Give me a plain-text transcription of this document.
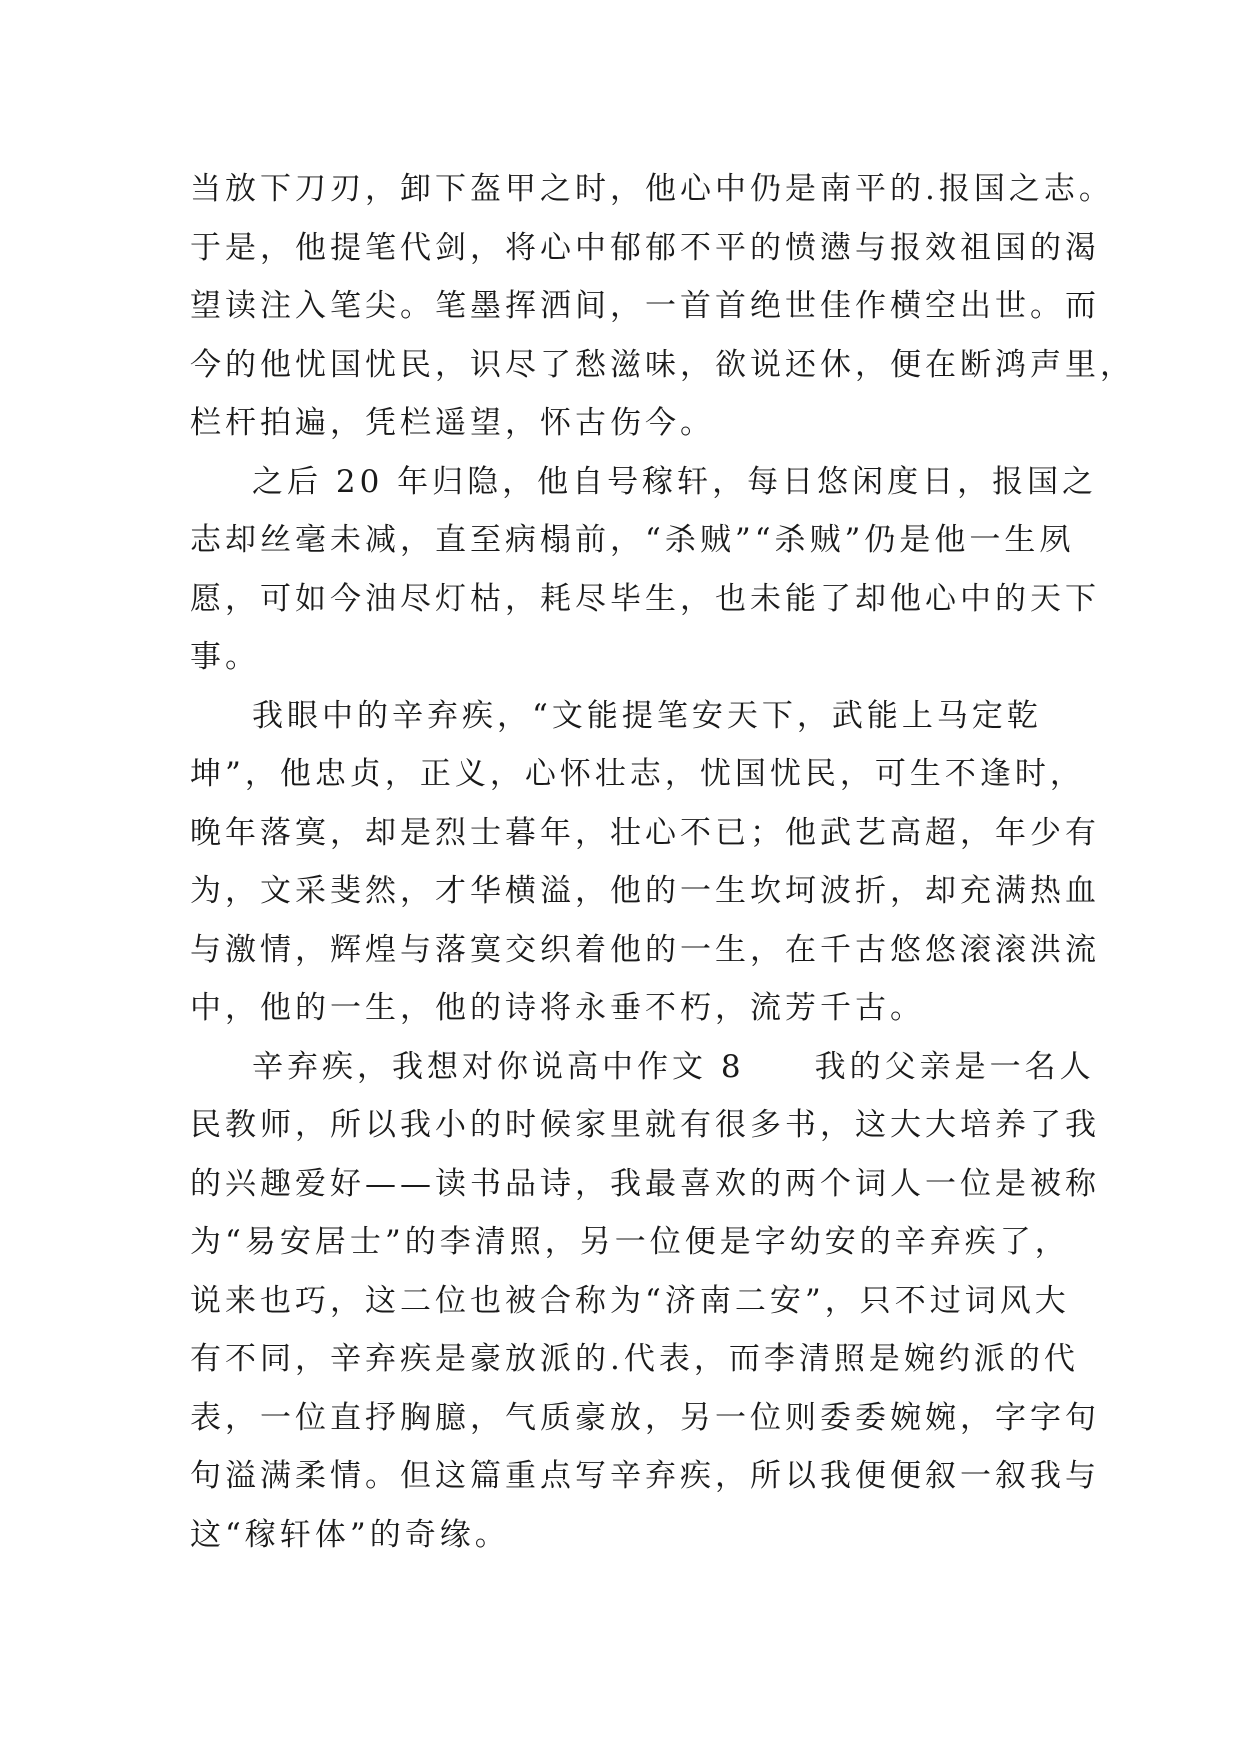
当放下刀刃，卸下盔甲之时，他心中仍是南平的.报国之志。
于是，他提笔代剑，将心中郁郁不平的愤懑与报效祖国的渴
望读注入笔尖。笔墨挥洒间，一首首绝世佳作横空出世。而
今的他忧国忧民，识尽了愁滋味，欲说还休，便在断鸿声里，
栏杆拍遍，凭栏遥望，怀古伤今。
之后 20 年归隐，他自号稼轩，每日悠闲度日，报国之
志却丝毫未减，直至病榻前，“杀贼”“杀贼”仍是他一生夙
愿，可如今油尽灯枯，耗尽毕生，也未能了却他心中的天下
事。
我眼中的辛弃疾，“文能提笔安天下，武能上马定乾
坤”，他忠贞，正义，心怀壮志，忧国忧民，可生不逢时，
晚年落寞，却是烈士暮年，壮心不已；他武艺高超，年少有
为，文采斐然，才华横溢，他的一生坎坷波折，却充满热血
与激情，辉煌与落寞交织着他的一生，在千古悠悠滚滚洪流
中，他的一生，他的诗将永垂不朽，流芳千古。
辛弃疾，我想对你说高中作文 8　　我的父亲是一名人
民教师，所以我小的时候家里就有很多书，这大大培养了我
的兴趣爱好——读书品诗，我最喜欢的两个词人一位是被称
为“易安居士”的李清照，另一位便是字幼安的辛弃疾了，
说来也巧，这二位也被合称为“济南二安”，只不过词风大
有不同，辛弃疾是豪放派的.代表，而李清照是婉约派的代
表，一位直抒胸臆，气质豪放，另一位则委委婉婉，字字句
句溢满柔情。但这篇重点写辛弃疾，所以我便便叙一叙我与
这“稼轩体”的奇缘。
